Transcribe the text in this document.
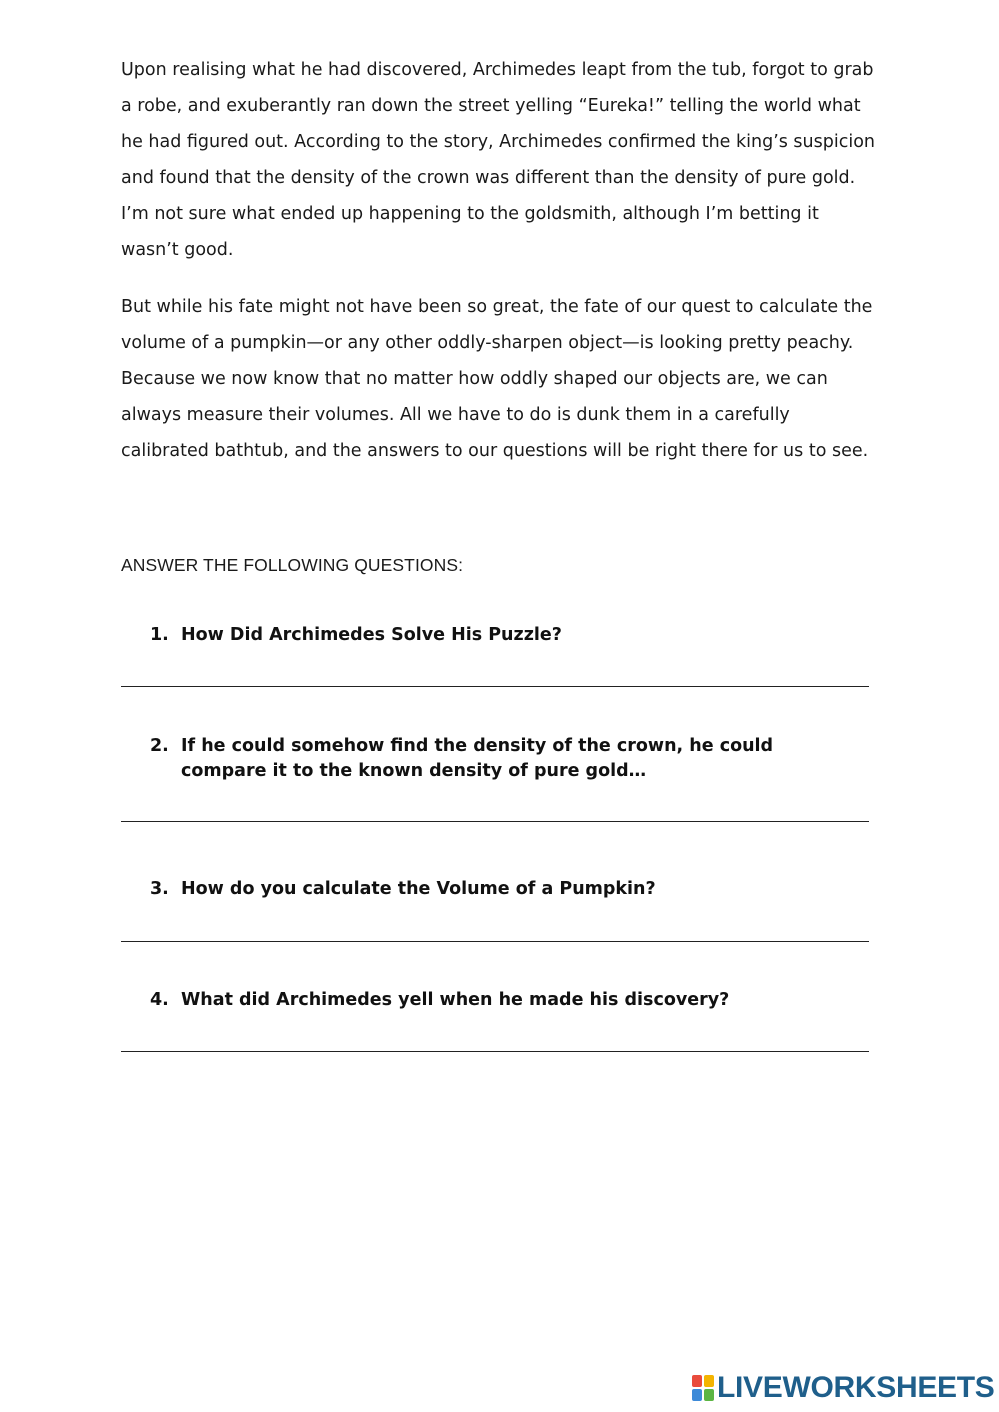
Upon realising what he had discovered, Archimedes leapt from the tub, forgot to grab a robe, and exuberantly ran down the street yelling “Eureka!” telling the world what he had figured out. According to the story, Archimedes confirmed the king’s suspicion and found that the density of the crown was different than the density of pure gold. I’m not sure what ended up happening to the goldsmith, although I’m betting it wasn’t good.

But while his fate might not have been so great, the fate of our quest to calculate the volume of a pumpkin—or any other oddly-sharpen object—is looking pretty peachy. Because we now know that no matter how oddly shaped our objects are, we can always measure their volumes. All we have to do is dunk them in a carefully calibrated bathtub, and the answers to our questions will be right there for us to see.

ANSWER THE FOLLOWING QUESTIONS:

1. How Did Archimedes Solve His Puzzle?
2. If he could somehow find the density of the crown, he could compare it to the known density of pure gold…
3. How do you calculate the Volume of a Pumpkin?
4. What did Archimedes yell when he made his discovery?
LIVEWORKSHEETS
